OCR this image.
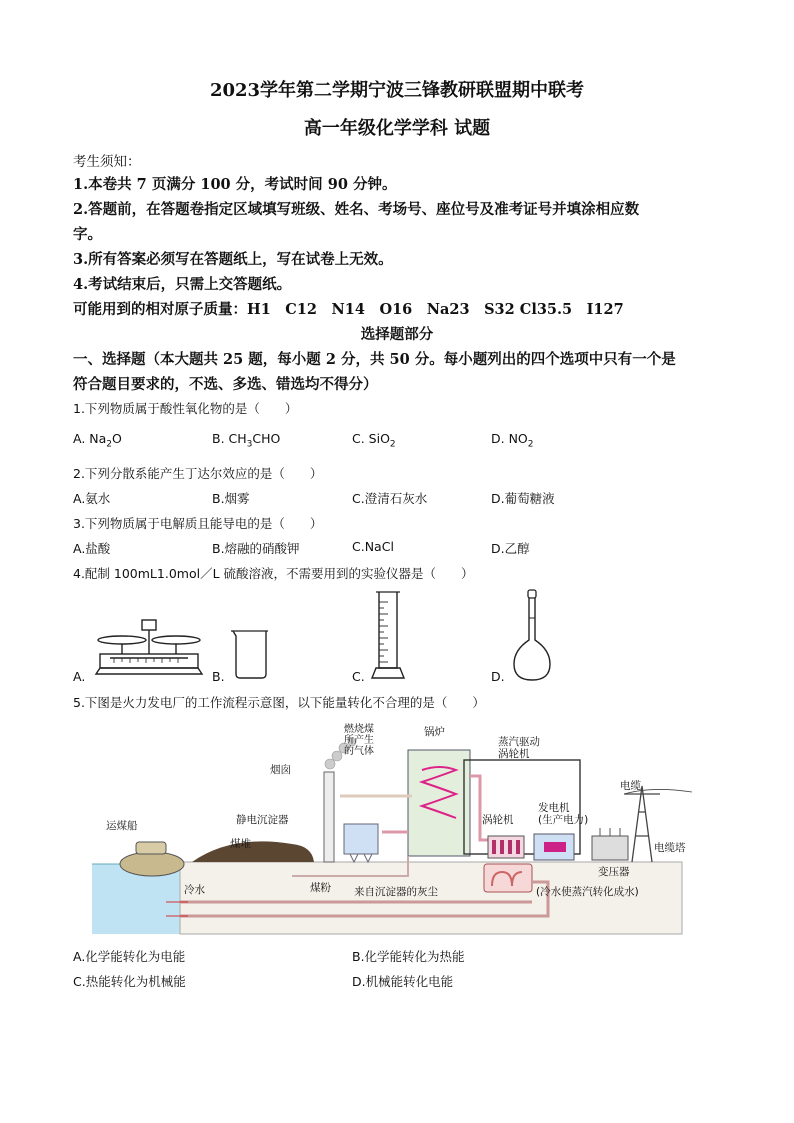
2023学年第二学期宁波三锋教研联盟期中联考
高一年级化学学科 试题
考生须知：
1.本卷共 7 页满分 100 分，考试时间 90 分钟。
2.答题前，在答题卷指定区域填写班级、姓名、考场号、座位号及准考证号并填涂相应数
字。
3.所有答案必须写在答题纸上，写在试卷上无效。
4.考试结束后，只需上交答题纸。
可能用到的相对原子质量：H1　C12　N14　O16　Na23　S32 Cl35.5　I127
选择题部分
一、选择题（本大题共 25 题，每小题 2 分，共 50 分。每小题列出的四个选项中只有一个是
符合题目要求的，不选、多选、错选均不得分）
1.下列物质属于酸性氧化物的是（　　）
A. $Na_2O$	B. $CH_3CHO$	C. SiO$_2$	D. $NO_2$
2.下列分散系能产生丁达尔效应的是（　　）
A.氨水	B.烟雾	C.澄清石灰水	D.葡萄糖液
3.下列物质属于电解质且能导电的是（　　）
A.盐酸	B.熔融的硝酸钾	C.NaCl	D.乙醇
4.配制 100mL1.0mol／L 硫酸溶液，不需要用到的实验仪器是（　　）
A.	B.	C.	D.
5.下图是火力发电厂的工作流程示意图，以下能量转化不合理的是（　　）
燃烧煤
所产生
的气体
锅炉
蒸汽驱动
涡轮机
烟囱
静电沉淀器
运煤船
煤堆
发电机
(生产电力)
涡轮机
电缆
电缆塔
变压器
冷水	煤粉 来自沉淀器的灰尘	(冷水使蒸汽转化成水)
A.化学能转化为电能	B.化学能转化为热能
C.热能转化为机械能	D.机械能转化电能
